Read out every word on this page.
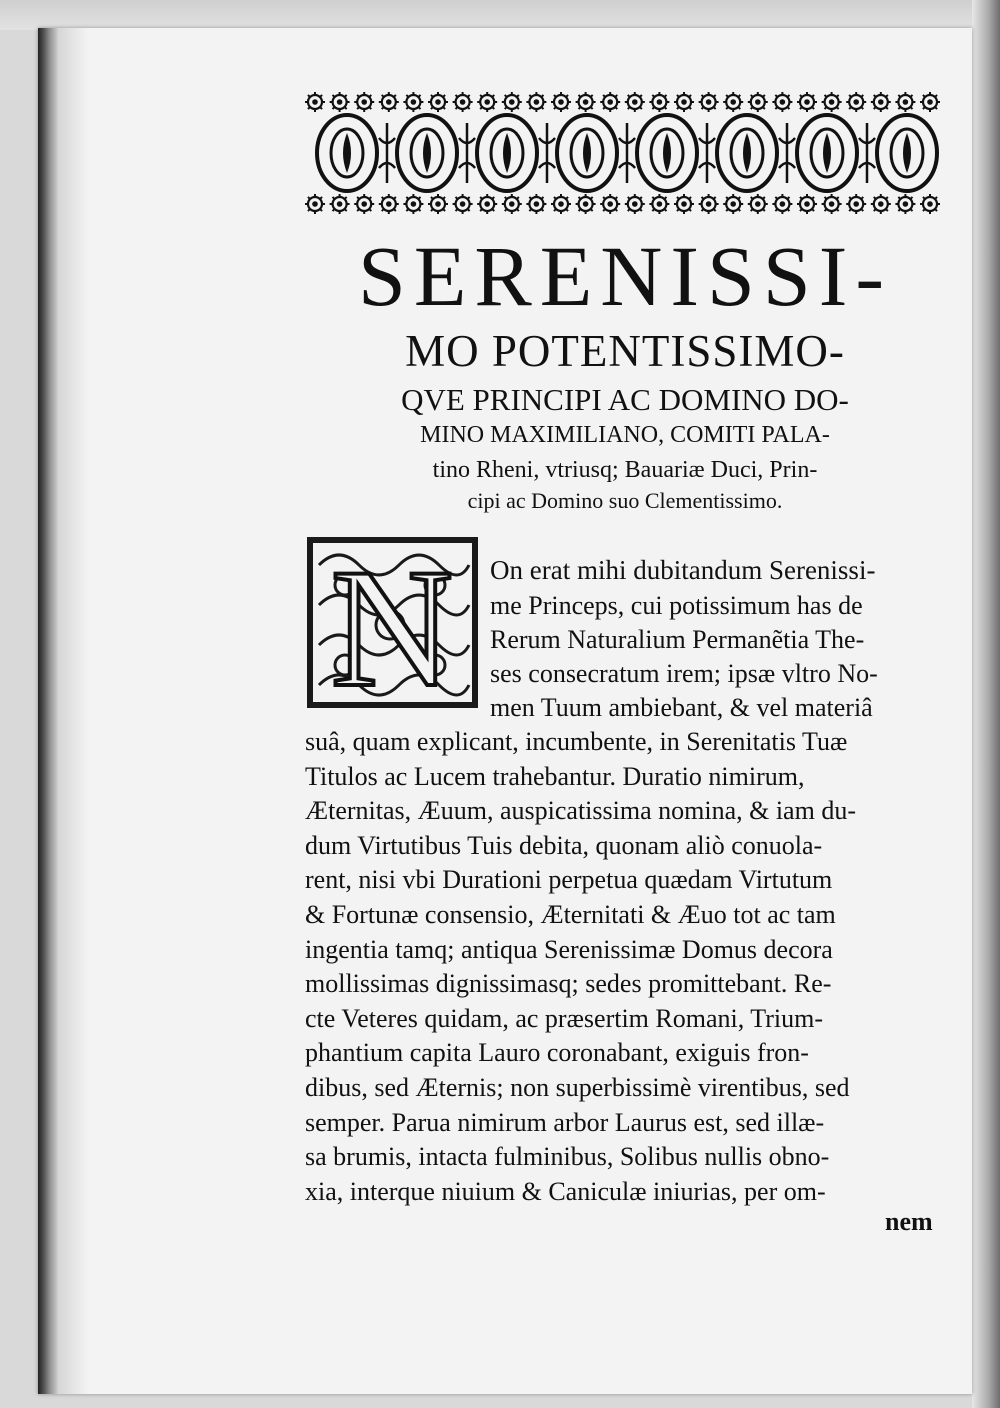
SERENISSI-
MO POTENTISSIMO-
QVE PRINCIPI AC DOMINO DO-
MINO MAXIMILIANO, COMITI PALA-
tino Rheni, vtriusq; Bauariæ Duci, Prin-
cipi ac Domino suo Clementissimo.
N On erat mihi dubitandum Serenissi-
me Princeps, cui potissimum has de
Rerum Naturalium Permanẽtia The-
ses consecratum irem; ipsæ vltro No-
men Tuum ambiebant, & vel materiâ
suâ, quam explicant, incumbente, in Serenitatis Tuæ
Titulos ac Lucem trahebantur. Duratio nimirum,
Æternitas, Æuum, auspicatissima nomina, & iam du-
dum Virtutibus Tuis debita, quonam aliò conuola-
rent, nisi vbi Durationi perpetua quædam Virtutum
& Fortunæ consensio, Æternitati & Æuo tot ac tam
ingentia tamq; antiqua Serenissimæ Domus decora
mollissimas dignissimasq; sedes promittebant. Re-
cte Veteres quidam, ac præsertim Romani, Trium-
phantium capita Lauro coronabant, exiguis fron-
dibus, sed Æternis; non superbissimè virentibus, sed
semper. Parua nimirum arbor Laurus est, sed illæ-
sa brumis, intacta fulminibus, Solibus nullis obno-
xia, interque niuium & Caniculæ iniurias, per om-
nem
